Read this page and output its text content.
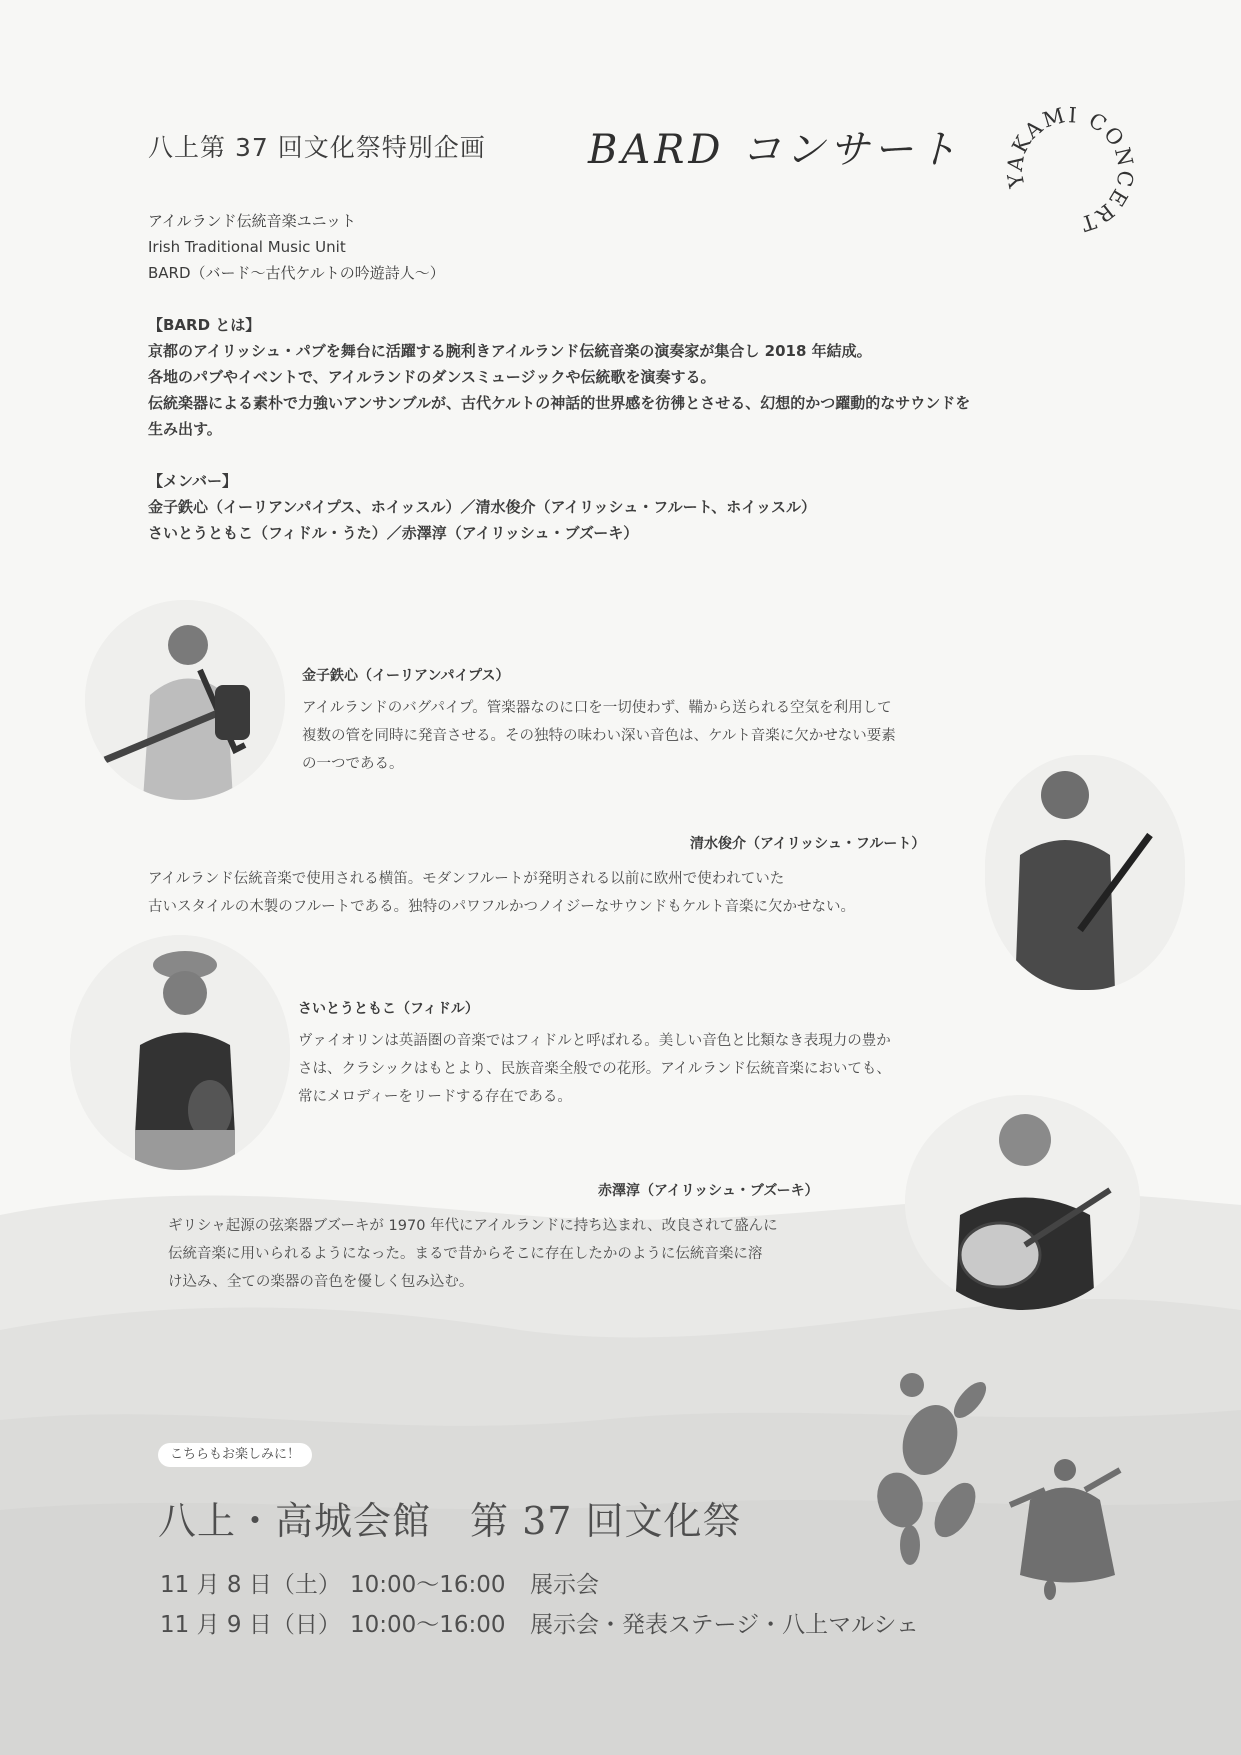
八上第 37 回文化祭特別企画	BARD コンサート
YAKAMI CONCERT

アイルランド伝統音楽ユニット

Irish Traditional Music Unit

BARD（バード～古代ケルトの吟遊詩人～）

【BARD とは】

京都のアイリッシュ・パブを舞台に活躍する腕利きアイルランド伝統音楽の演奏家が集合し 2018 年結成。

各地のパブやイベントで、アイルランドのダンスミュージックや伝統歌を演奏する。

伝統楽器による素朴で力強いアンサンブルが、古代ケルトの神話的世界感を彷彿とさせる、幻想的かつ躍動的なサウンドを

生み出す。

【メンバー】

金子鉄心（イーリアンパイプス、ホイッスル）／清水俊介（アイリッシュ・フルート、ホイッスル）

さいとうともこ（フィドル・うた）／赤澤淳（アイリッシュ・ブズーキ）

金子鉄心（イーリアンパイプス）

アイルランドのバグパイプ。管楽器なのに口を一切使わず、鞴から送られる空気を利用して

複数の管を同時に発音させる。その独特の味わい深い音色は、ケルト音楽に欠かせない要素

の一つである。

清水俊介（アイリッシュ・フルート）

アイルランド伝統音楽で使用される横笛。モダンフルートが発明される以前に欧州で使われていた

古いスタイルの木製のフルートである。独特のパワフルかつノイジーなサウンドもケルト音楽に欠かせない。

さいとうともこ（フィドル）

ヴァイオリンは英語圏の音楽ではフィドルと呼ばれる。美しい音色と比類なき表現力の豊か

さは、クラシックはもとより、民族音楽全般での花形。アイルランド伝統音楽においても、

常にメロディーをリードする存在である。

赤澤淳（アイリッシュ・ブズーキ）

ギリシャ起源の弦楽器ブズーキが 1970 年代にアイルランドに持ち込まれ、改良されて盛んに

伝統音楽に用いられるようになった。まるで昔からそこに存在したかのように伝統音楽に溶

け込み、全ての楽器の音色を優しく包み込む。

こちらもお楽しみに！
八上・高城会館　第 37 回文化祭

11 月 8 日（土） 10:00～16:00 展示会

11 月 9 日（日） 10:00～16:00 展示会・発表ステージ・八上マルシェ
